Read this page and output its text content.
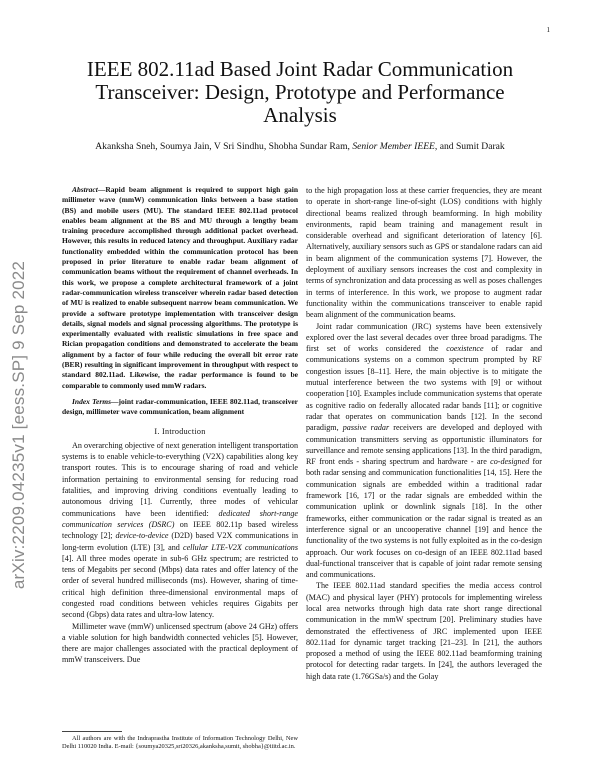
1
arXiv:2209.04235v1 [eess.SP] 9 Sep 2022
IEEE 802.11ad Based Joint Radar Communication Transceiver: Design, Prototype and Performance Analysis
Akanksha Sneh, Soumya Jain, V Sri Sindhu, Shobha Sundar Ram, Senior Member IEEE, and Sumit Darak

Abstract—Rapid beam alignment is required to support high gain millimeter wave (mmW) communication links between a base station (BS) and mobile users (MU). The standard IEEE 802.11ad protocol enables beam alignment at the BS and MU through a lengthy beam training procedure accomplished through additional packet overhead. However, this results in reduced latency and throughput. Auxiliary radar functionality embedded within the communication protocol has been proposed in prior literature to enable radar beam alignment of communication beams without the requirement of channel overheads. In this work, we propose a complete architectural framework of a joint radar-communication wireless transceiver wherein radar based detection of MU is realized to enable subsequent narrow beam communication. We provide a software prototype implementation with transceiver design details, signal models and signal processing algorithms. The prototype is experimentally evaluated with realistic simulations in free space and Rician propagation conditions and demonstrated to accelerate the beam alignment by a factor of four while reducing the overall bit error rate (BER) resulting in significant improvement in throughput with respect to standard 802.11ad. Likewise, the radar performance is found to be comparable to commonly used mmW radars.

Index Terms—joint radar-communication, IEEE 802.11ad, transceiver design, millimeter wave communication, beam alignment

I. Introduction

An overarching objective of next generation intelligent transportation systems is to enable vehicle-to-everything (V2X) capabilities along key transport routes. This is to encourage sharing of road and vehicle information pertaining to environmental sensing for reducing road fatalities, and improving driving conditions eventually leading to autonomous driving [1]. Currently, three modes of vehicular communications have been identified: dedicated short-range communication services (DSRC) on IEEE 802.11p based wireless technology [2]; device-to-device (D2D) based V2X communications in long-term evolution (LTE) [3], and cellular LTE-V2X communications [4]. All three modes operate in sub-6 GHz spectrum; are restricted to tens of Megabits per second (Mbps) data rates and offer latency of the order of several hundred milliseconds (ms). However, sharing of time-critical high definition three-dimensional environmental maps of congested road conditions between vehicles requires Gigabits per second (Gbps) data rates and ultra-low latency.

Millimeter wave (mmW) unlicensed spectrum (above 24 GHz) offers a viable solution for high bandwidth connected vehicles [5]. However, there are major challenges associated with the practical deployment of mmW transceivers. Due

All authors are with the Indraprastha Institute of Information Technology Delhi, New Delhi 110020 India. E-mail: {soumya20325,sri20326,akanksha,sumit, shobha}@iiitd.ac.in.

to the high propagation loss at these carrier frequencies, they are meant to operate in short-range line-of-sight (LOS) conditions with highly directional beams realized through beamforming. In high mobility environments, rapid beam training and management result in considerable overhead and significant deterioration of latency [6]. Alternatively, auxiliary sensors such as GPS or standalone radars can aid in beam alignment of the communication systems [7]. However, the deployment of auxiliary sensors increases the cost and complexity in terms of synchronization and data processing as well as poses challenges in terms of interference. In this work, we propose to augment radar functionality within the communications transceiver to enable rapid beam alignment of the communication beams.

Joint radar communication (JRC) systems have been extensively explored over the last several decades over three broad paradigms. The first set of works considered the coexistence of radar and communications systems on a common spectrum prompted by RF congestion issues [8–11]. Here, the main objective is to mitigate the mutual interference between the two systems with [9] or without cooperation [10]. Examples include communication systems that operate as cognitive radio on federally allocated radar bands [11]; or cognitive radar that operates on communication bands [12]. In the second paradigm, passive radar receivers are developed and deployed with communication transmitters serving as opportunistic illuminators for surveillance and remote sensing applications [13]. In the third paradigm, RF front ends - sharing spectrum and hardware - are co-designed for both radar sensing and communication functionalities [14, 15]. Here the communication signals are embedded within a traditional radar framework [16, 17] or the radar signals are embedded within the communication uplink or downlink signals [18]. In the other frameworks, either communication or the radar signal is treated as an interference signal or an uncooperative channel [19] and hence the functionality of the two systems is not fully exploited as in the co-design approach. Our work focuses on co-design of an IEEE 802.11ad based dual-functional transceiver that is capable of joint radar remote sensing and communications.

The IEEE 802.11ad standard specifies the media access control (MAC) and physical layer (PHY) protocols for implementing wireless local area networks through high data rate short range directional communication in the mmW spectrum [20]. Preliminary studies have demonstrated the effectiveness of JRC implemented upon IEEE 802.11ad for dynamic target tracking [21–23]. In [21], the authors proposed a method of using the IEEE 802.11ad beamforming training protocol for detecting radar targets. In [24], the authors leveraged the high data rate (1.76GSa/s) and the Golay
